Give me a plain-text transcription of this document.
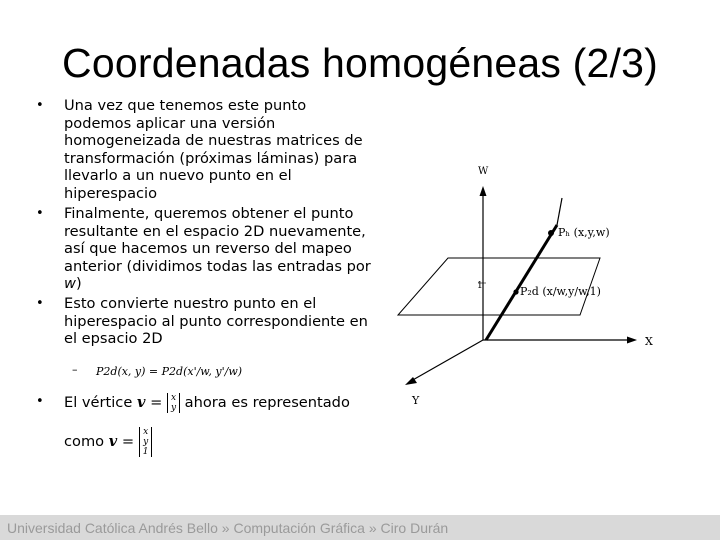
Coordenadas homogéneas (2/3)

• Una vez que tenemos este punto podemos aplicar una versión homogeneizada de nuestras matrices de transformación (próximas láminas) para llevarlo a un nuevo punto en el hiperespacio

• Finalmente, queremos obtener el punto resultante en el espacio 2D nuevamente, así que hacemos un reverso del mapeo anterior (dividimos todas las entradas por w)

• Esto convierte nuestro punto en el hiperespacio al punto correspondiente en el epsacio 2D

– P2d(x, y) = P2d(x'/w, y'/w)

• El vértice v = x
y ahora es representado

como v = x
y
1

W
X
Y
1
Pₕ (x,y,w)
P₂d (x/w,y/w,1)
Universidad Católica Andrés Bello » Computación Gráfica » Ciro Durán
